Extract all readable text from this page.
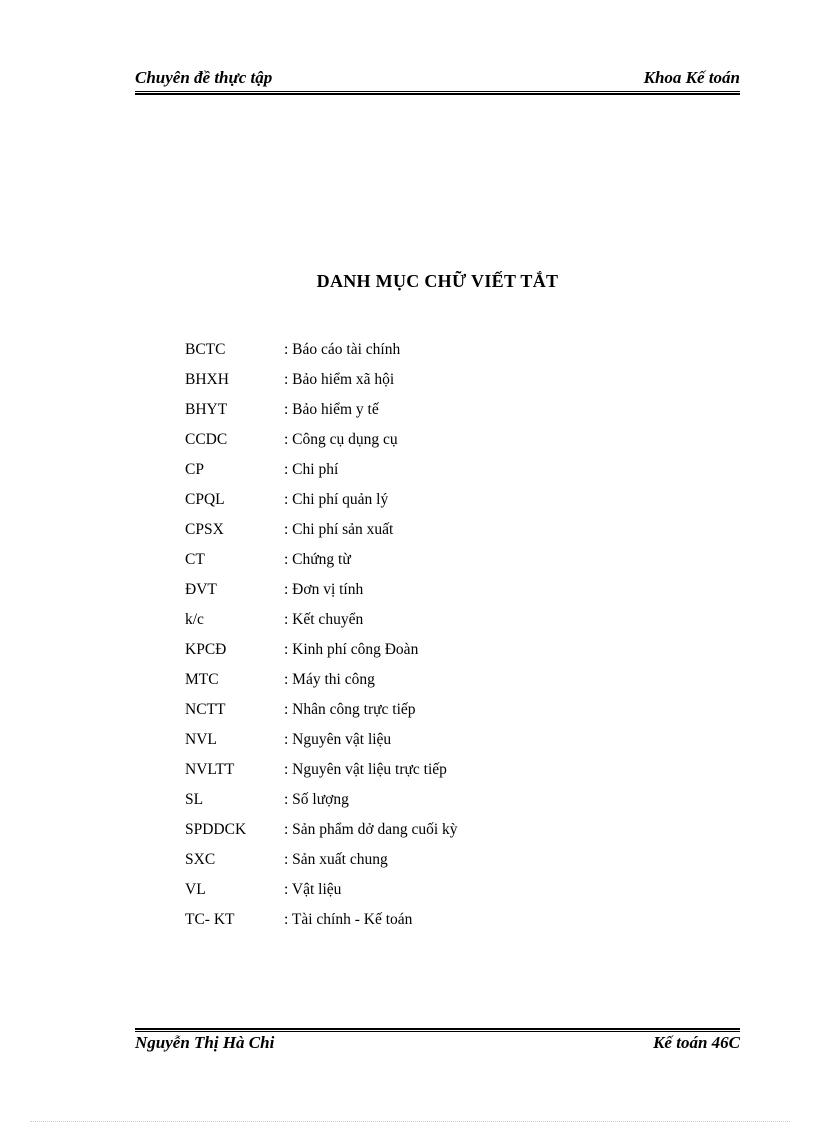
Chuyên đề thực tập	Khoa Kế toán
DANH MỤC CHỮ VIẾT TẮT
BCTC	: Báo cáo tài chính
BHXH	: Bảo hiểm xã hội
BHYT	: Bảo hiểm y tế
CCDC	: Công cụ dụng cụ
CP	: Chi phí
CPQL	: Chi phí quản lý
CPSX	: Chi phí sản xuất
CT	: Chứng từ
ĐVT	: Đơn vị tính
k/c	: Kết chuyển
KPCĐ	: Kinh phí công Đoàn
MTC	: Máy thi công
NCTT	: Nhân công trực tiếp
NVL	: Nguyên vật liệu
NVLTT	: Nguyên vật liệu trực tiếp
SL	: Số lượng
SPDDCK : Sản phẩm dở dang cuối kỳ
SXC	: Sản xuất chung
VL	: Vật liệu
TC- KT	: Tài chính - Kế toán
Nguyễn Thị Hà Chi	Kế toán 46C
